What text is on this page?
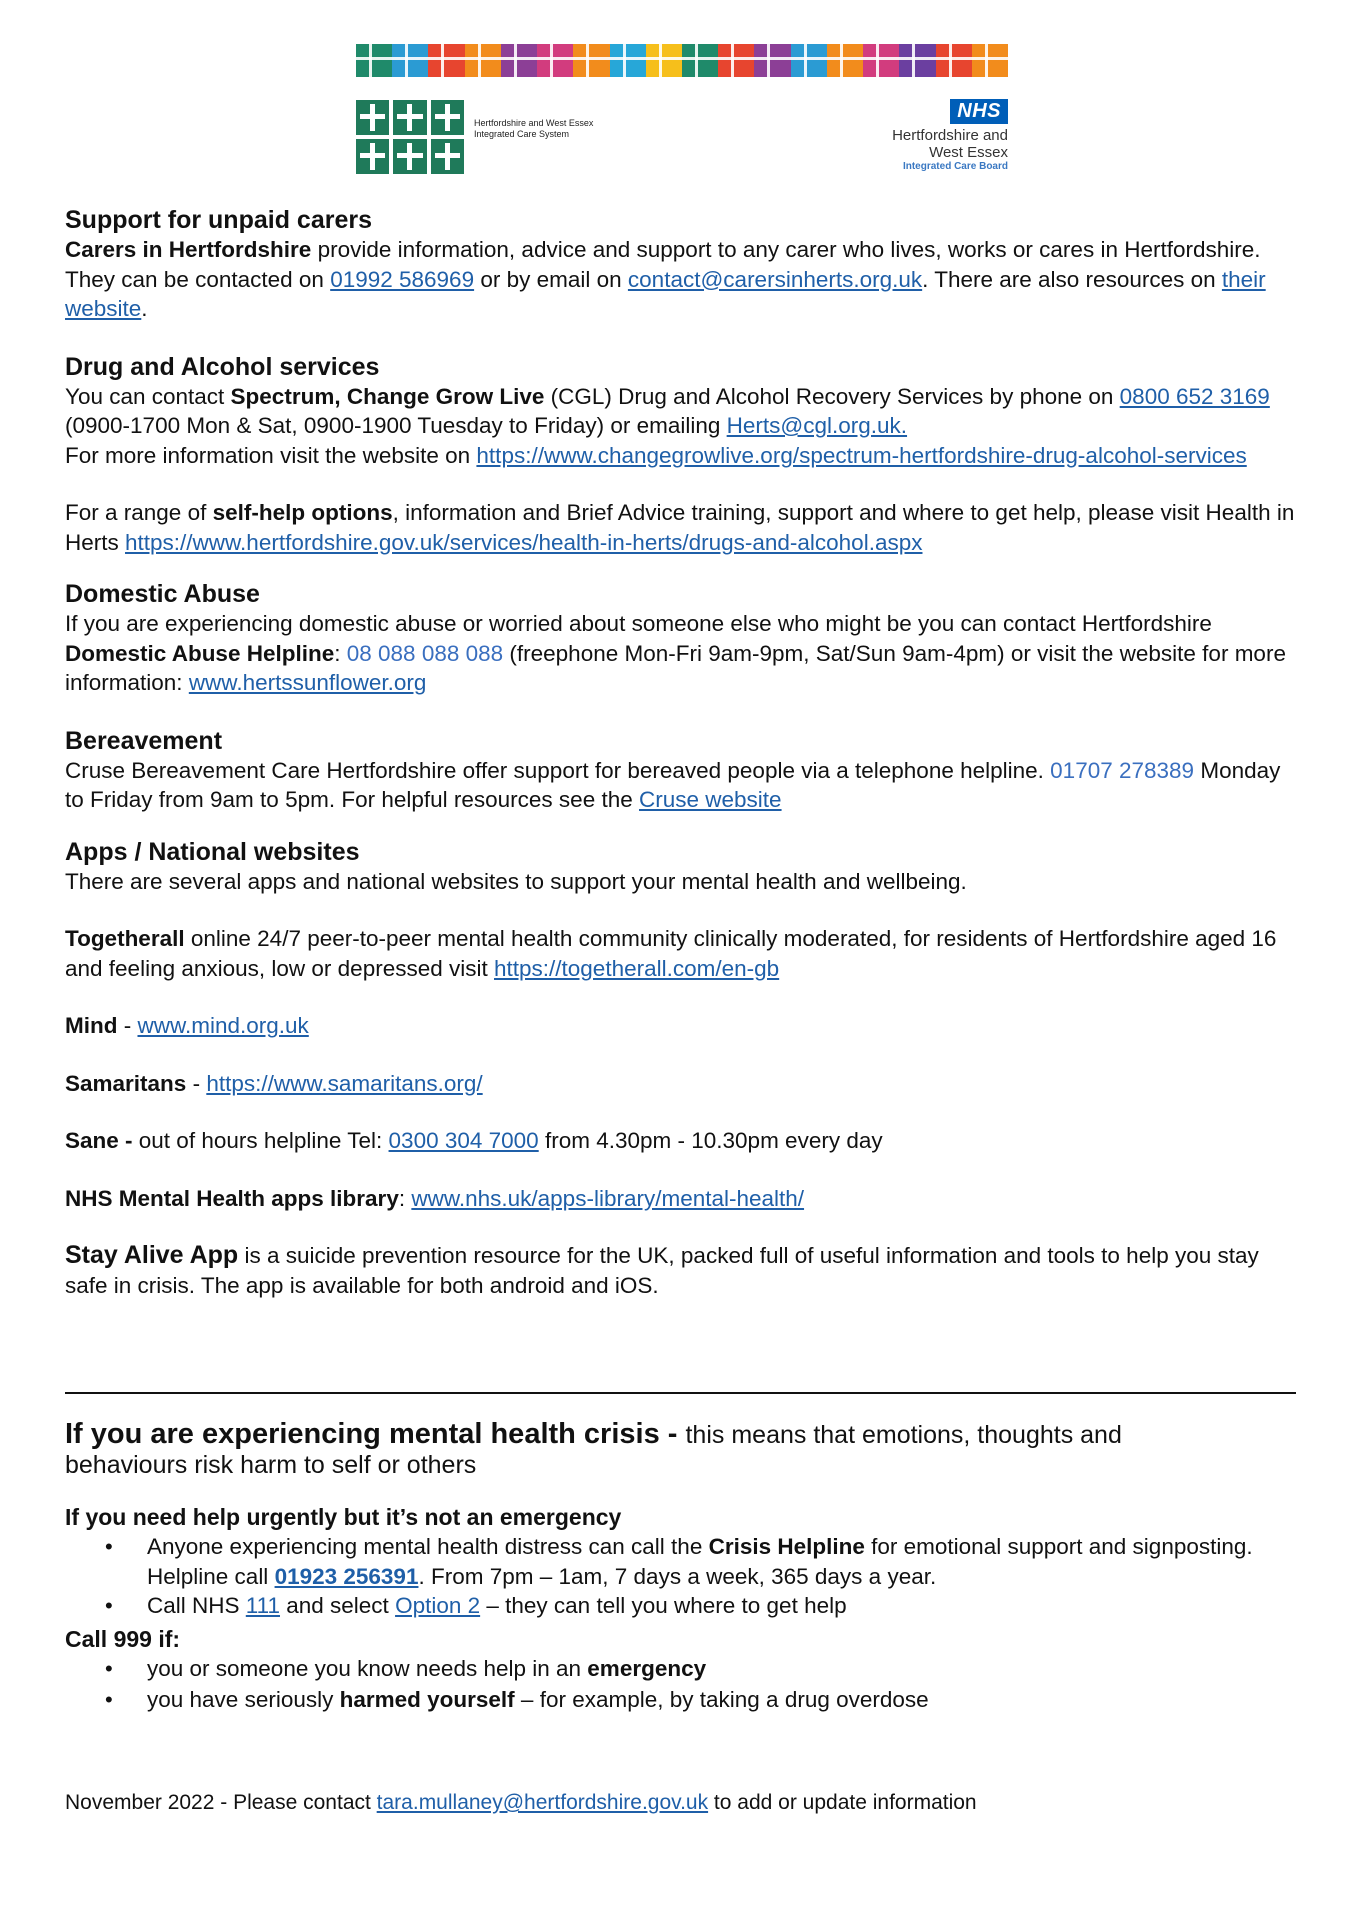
Hertfordshire and West Essex Integrated Care System
NHS
Hertfordshire and
West Essex
Integrated Care Board
Support for unpaid carers

Carers in Hertfordshire provide information, advice and support to any carer who lives, works or cares in Hertfordshire. They can be contacted on 01992 586969 or by email on contact@carersinherts.org.uk. There are also resources on their website.

Drug and Alcohol services

You can contact Spectrum, Change Grow Live (CGL) Drug and Alcohol Recovery Services by phone on 0800 652 3169 (0900-1700 Mon & Sat, 0900-1900 Tuesday to Friday) or emailing Herts@cgl.org.uk.
For more information visit the website on https://www.changegrowlive.org/spectrum-hertfordshire-drug-alcohol-services

For a range of self-help options, information and Brief Advice training, support and where to get help, please visit Health in Herts https://www.hertfordshire.gov.uk/services/health-in-herts/drugs-and-alcohol.aspx

Domestic Abuse

If you are experiencing domestic abuse or worried about someone else who might be you can contact Hertfordshire Domestic Abuse Helpline: 08 088 088 088 (freephone Mon-Fri 9am-9pm, Sat/Sun 9am-4pm) or visit the website for more information: www.hertssunflower.org

Bereavement

Cruse Bereavement Care Hertfordshire offer support for bereaved people via a telephone helpline. 01707 278389 Monday to Friday from 9am to 5pm. For helpful resources see the Cruse website

Apps / National websites

There are several apps and national websites to support your mental health and wellbeing.

Togetherall online 24/7 peer-to-peer mental health community clinically moderated, for residents of Hertfordshire aged 16 and feeling anxious, low or depressed visit https://togetherall.com/en-gb

Mind - www.mind.org.uk

Samaritans - https://www.samaritans.org/

Sane - out of hours helpline Tel: 0300 304 7000 from 4.30pm - 10.30pm every day

NHS Mental Health apps library: www.nhs.uk/apps-library/mental-health/

Stay Alive App is a suicide prevention resource for the UK, packed full of useful information and tools to help you stay safe in crisis. The app is available for both android and iOS.

If you are experiencing mental health crisis - this means that emotions, thoughts and
behaviours risk harm to self or others
If you need help urgently but it’s not an emergency
• Anyone experiencing mental health distress can call the Crisis Helpline for emotional support and signposting. Helpline call 01923 256391. From 7pm – 1am, 7 days a week, 365 days a year.
• Call NHS 111 and select Option 2 – they can tell you where to get help
Call 999 if:
• you or someone you know needs help in an emergency
• you have seriously harmed yourself – for example, by taking a drug overdose
November 2022 - Please contact tara.mullaney@hertfordshire.gov.uk to add or update information
